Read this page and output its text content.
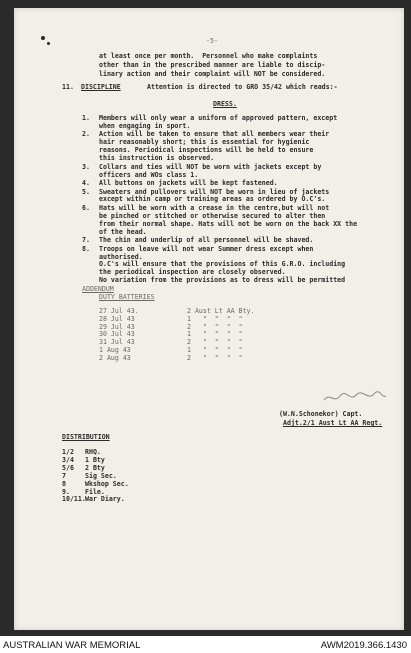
-5-
at least once per month.  Personnel who make complaints
other than in the prescribed manner are liable to discip-
linary action and their complaint will NOT be considered.
11. DISCIPLINE	Attention is directed to GRO 35/42 which reads:-
DRESS.
1. Members will only wear a uniform of approved pattern, except
when engaging in sport.
2. Action will be taken to ensure that all members wear their
hair reasonably short; this is essential for hygienic
reasons. Periodical inspections will be held to ensure
this instruction is observed.
3. Collars and ties will NOT be worn with jackets except by
officers and WOs class 1.
4. All buttons on jackets will be kept fastened.
5. Sweaters and pullovers will NOT be worn in lieu of jackets
except within camp or training areas as ordered by O.C's.
6. Hats will be worn with a crease in the centre,but will not
be pinched or stitched or otherwise secured to alter then
from their normal shape. Hats will not be worn on the back XX the
of the head.
7. The chin and underlip of all personnel will be shaved.
8. Troops on leave will not wear Summer dress except when
authorised.
O.C's will ensure that the provisions of this G.R.O. including
the periodical inspection are closely observed.
No variation from the provisions as to dress will be permitted
ADDENDUM
DUTY BATTERIES
27 Jul 43.	2 Aust Lt AA Bty.
28 Jul 43	1   "  "  "  "
29 Jul 43	2   "  "  "  "
30 Jul 43	1   "  "  "  "
31 Jul 43	2   "  "  "  "
1 Aug 43	1   "  "  "  "
2 Aug 43	2   "  "  "  "
(W.N.Schonekor) Capt.
Adjt.2/1 Aust Lt AA Regt.
DISTRIBUTION
1/2 RHQ.
3/4 1 Bty
5/6 2 Bty
7	Sig Sec.
8	Wkshop Sec.
9. File.
10/11. War Diary.
AUSTRALIAN WAR MEMORIAL	AWM2019.366.1430
